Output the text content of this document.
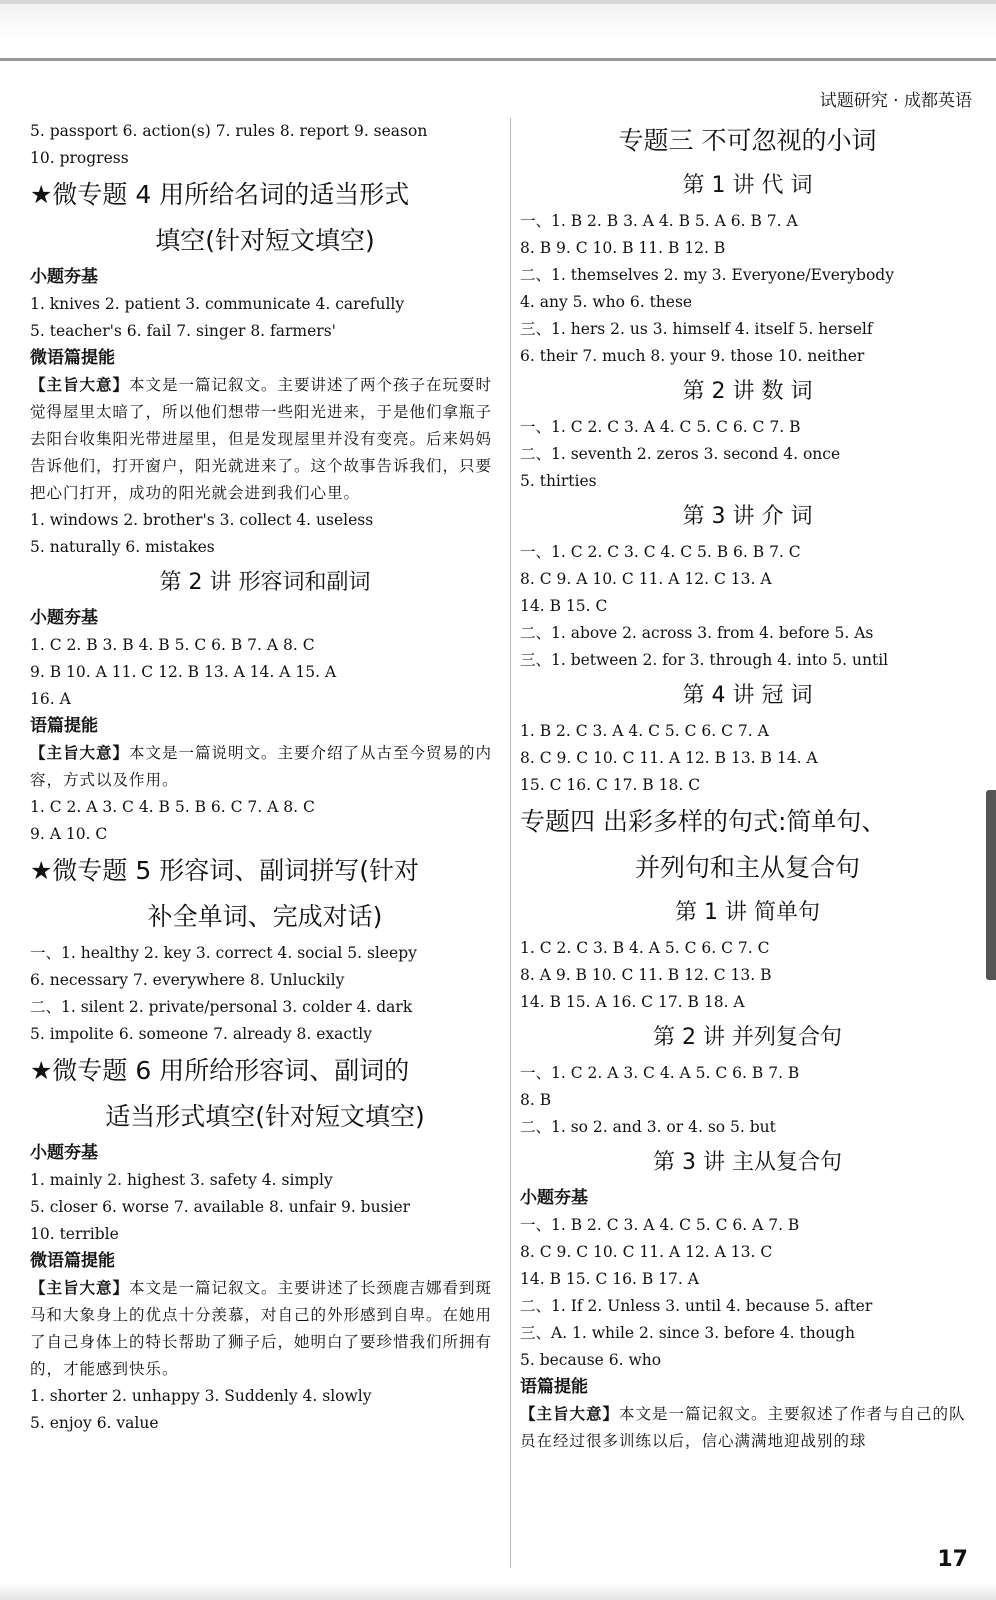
试题研究 · 成都英语
5. passport 6. action(s) 7. rules 8. report 9. season
10. progress
★微专题 4 用所给名词的适当形式
填空(针对短文填空)
小题夯基
1. knives 2. patient 3. communicate 4. carefully
5. teacher's 6. fail 7. singer 8. farmers'
微语篇提能
【主旨大意】本文是一篇记叙文。主要讲述了两个孩子在玩耍时觉得屋里太暗了，所以他们想带一些阳光进来，于是他们拿瓶子去阳台收集阳光带进屋里，但是发现屋里并没有变亮。后来妈妈告诉他们，打开窗户，阳光就进来了。这个故事告诉我们，只要把心门打开，成功的阳光就会进到我们心里。
1. windows 2. brother's 3. collect 4. useless
5. naturally 6. mistakes
第 2 讲 形容词和副词
小题夯基
1. C 2. B 3. B 4. B 5. C 6. B 7. A 8. C
9. B 10. A 11. C 12. B 13. A 14. A 15. A
16. A
语篇提能
【主旨大意】本文是一篇说明文。主要介绍了从古至今贸易的内容，方式以及作用。
1. C 2. A 3. C 4. B 5. B 6. C 7. A 8. C
9. A 10. C
★微专题 5 形容词、副词拼写(针对
补全单词、完成对话)
一、1. healthy 2. key 3. correct 4. social 5. sleepy
6. necessary 7. everywhere 8. Unluckily
二、1. silent 2. private/personal 3. colder 4. dark
5. impolite 6. someone 7. already 8. exactly
★微专题 6 用所给形容词、副词的
适当形式填空(针对短文填空)
小题夯基
1. mainly 2. highest 3. safety 4. simply
5. closer 6. worse 7. available 8. unfair 9. busier
10. terrible
微语篇提能
【主旨大意】本文是一篇记叙文。主要讲述了长颈鹿吉娜看到斑马和大象身上的优点十分羡慕，对自己的外形感到自卑。在她用了自己身体上的特长帮助了狮子后，她明白了要珍惜我们所拥有的，才能感到快乐。
1. shorter 2. unhappy 3. Suddenly 4. slowly
5. enjoy 6. value
专题三 不可忽视的小词
第 1 讲 代 词
一、1. B 2. B 3. A 4. B 5. A 6. B 7. A
8. B 9. C 10. B 11. B 12. B
二、1. themselves 2. my 3. Everyone/Everybody
4. any 5. who 6. these
三、1. hers 2. us 3. himself 4. itself 5. herself
6. their 7. much 8. your 9. those 10. neither
第 2 讲 数 词
一、1. C 2. C 3. A 4. C 5. C 6. C 7. B
二、1. seventh 2. zeros 3. second 4. once
5. thirties
第 3 讲 介 词
一、1. C 2. C 3. C 4. C 5. B 6. B 7. C
8. C 9. A 10. C 11. A 12. C 13. A
14. B 15. C
二、1. above 2. across 3. from 4. before 5. As
三、1. between 2. for 3. through 4. into 5. until
第 4 讲 冠 词
1. B 2. C 3. A 4. C 5. C 6. C 7. A
8. C 9. C 10. C 11. A 12. B 13. B 14. A
15. C 16. C 17. B 18. C
专题四 出彩多样的句式:简单句、
并列句和主从复合句
第 1 讲 简单句
1. C 2. C 3. B 4. A 5. C 6. C 7. C
8. A 9. B 10. C 11. B 12. C 13. B
14. B 15. A 16. C 17. B 18. A
第 2 讲 并列复合句
一、1. C 2. A 3. C 4. A 5. C 6. B 7. B
8. B
二、1. so 2. and 3. or 4. so 5. but
第 3 讲 主从复合句
小题夯基
一、1. B 2. C 3. A 4. C 5. C 6. A 7. B
8. C 9. C 10. C 11. A 12. A 13. C
14. B 15. C 16. B 17. A
二、1. If 2. Unless 3. until 4. because 5. after
三、A. 1. while 2. since 3. before 4. though
5. because 6. who
语篇提能
【主旨大意】本文是一篇记叙文。主要叙述了作者与自己的队员在经过很多训练以后，信心满满地迎战别的球
17
